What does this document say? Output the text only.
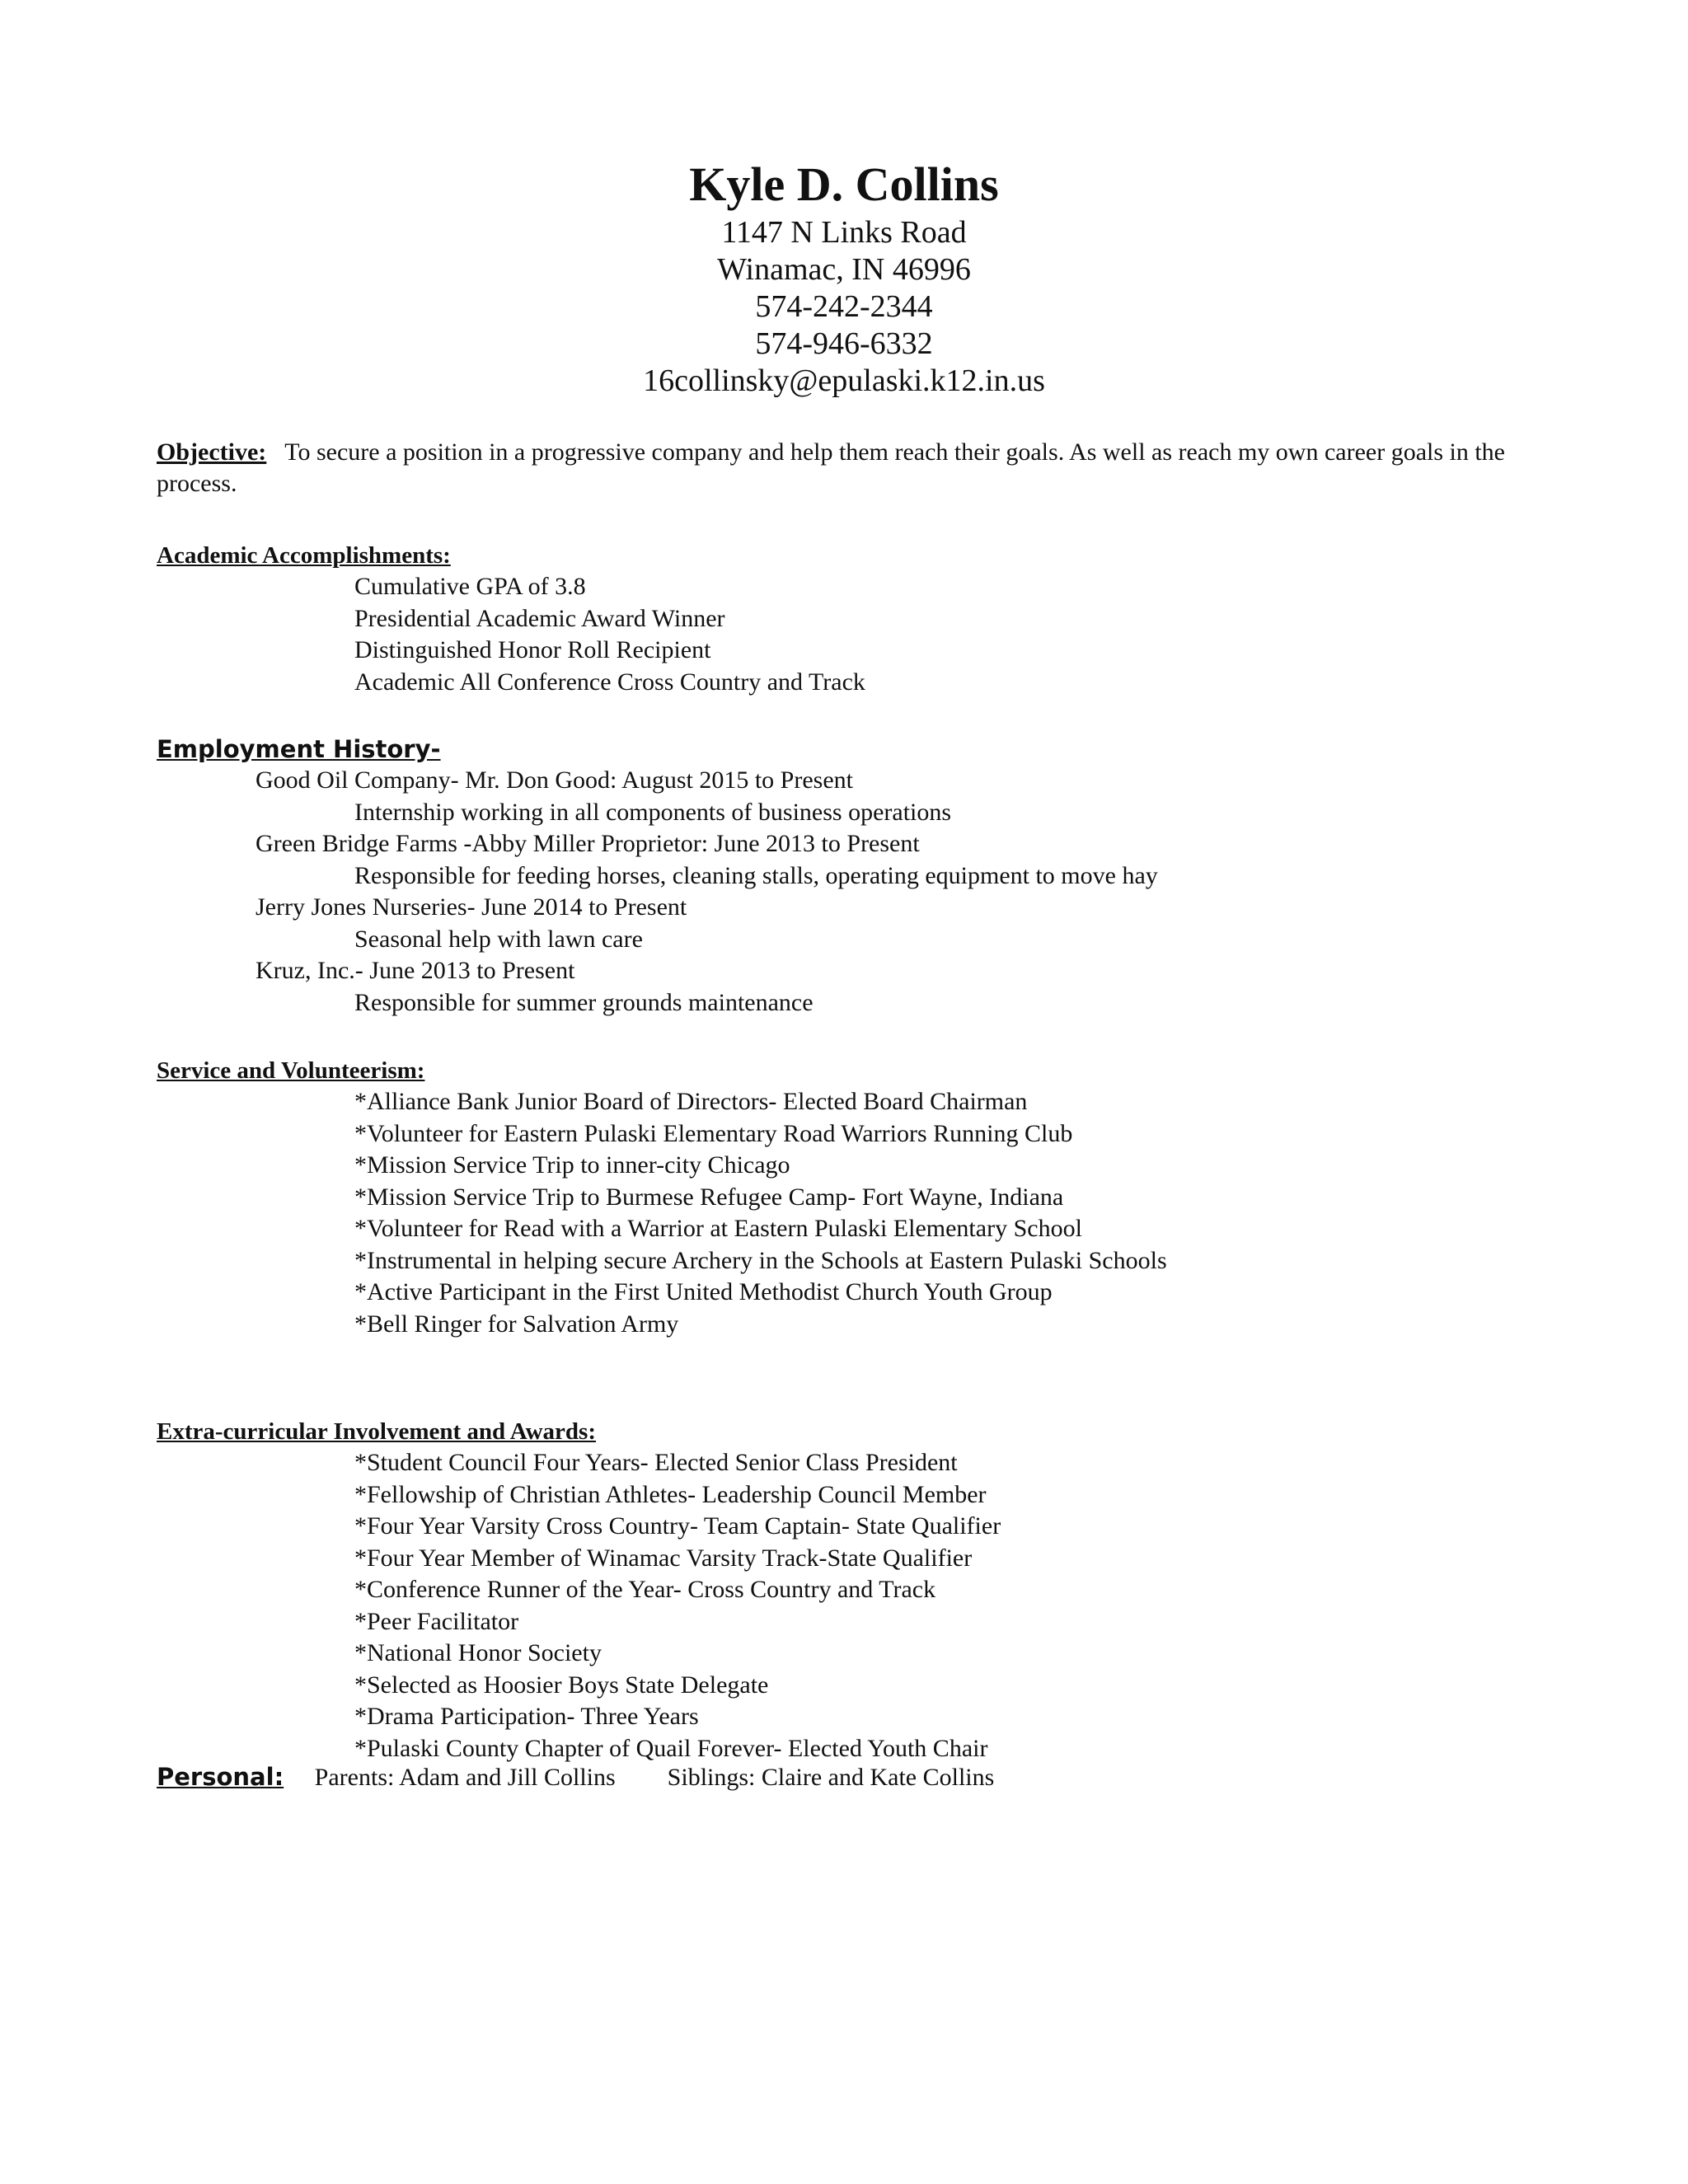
Kyle D. Collins

1147 N Links Road

Winamac, IN 46996

574-242-2344

574-946-6332

16collinsky@epulaski.k12.in.us

Objective: To secure a position in a progressive company and help them reach their goals. As well as reach my own career goals in the process.

Academic Accomplishments:

Cumulative GPA of 3.8

Presidential Academic Award Winner

Distinguished Honor Roll Recipient

Academic All Conference Cross Country and Track

Employment History-

Good Oil Company- Mr. Don Good: August 2015 to Present

Internship working in all components of business operations

Green Bridge Farms -Abby Miller Proprietor: June 2013 to Present

Responsible for feeding horses, cleaning stalls, operating equipment to move hay

Jerry Jones Nurseries- June 2014 to Present

Seasonal help with lawn care

Kruz, Inc.- June 2013 to Present

Responsible for summer grounds maintenance

Service and Volunteerism:

*Alliance Bank Junior Board of Directors- Elected Board Chairman

*Volunteer for Eastern Pulaski Elementary Road Warriors Running Club

*Mission Service Trip to inner-city Chicago

*Mission Service Trip to Burmese Refugee Camp- Fort Wayne, Indiana

*Volunteer for Read with a Warrior at Eastern Pulaski Elementary School

*Instrumental in helping secure Archery in the Schools at Eastern Pulaski Schools

*Active Participant in the First United Methodist Church Youth Group

*Bell Ringer for Salvation Army

Extra-curricular Involvement and Awards:

*Student Council Four Years- Elected Senior Class President

*Fellowship of Christian Athletes- Leadership Council Member

*Four Year Varsity Cross Country- Team Captain- State Qualifier

*Four Year Member of Winamac Varsity Track-State Qualifier

*Conference Runner of the Year- Cross Country and Track

*Peer Facilitator

*National Honor Society

*Selected as Hoosier Boys State Delegate

*Drama Participation- Three Years

*Pulaski County Chapter of Quail Forever- Elected Youth Chair

Personal: Parents: Adam and Jill Collins Siblings: Claire and Kate Collins
